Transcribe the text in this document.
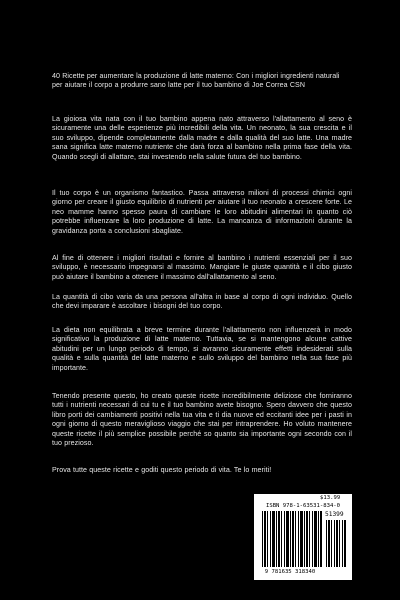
40 Ricette per aumentare la produzione di latte materno: Con i migliori ingredienti naturali per aiutare il corpo a produrre sano latte per il tuo bambino di Joe Correa CSN

La gioiosa vita nata con il tuo bambino appena nato attraverso l'allattamento al seno è sicuramente una delle esperienze più incredibili della vita. Un neonato, la sua crescita e il suo sviluppo, dipende completamente dalla madre e dalla qualità del suo latte. Una madre sana significa latte materno nutriente che darà forza al bambino nella prima fase della vita. Quando scegli di allattare, stai investendo nella salute futura del tuo bambino.

Il tuo corpo è un organismo fantastico. Passa attraverso milioni di processi chimici ogni giorno per creare il giusto equilibrio di nutrienti per aiutare il tuo neonato a crescere forte. Le neo mamme hanno spesso paura di cambiare le loro abitudini alimentari in quanto ciò potrebbe influenzare la loro produzione di latte. La mancanza di informazioni durante la gravidanza porta a conclusioni sbagliate.

Al fine di ottenere i migliori risultati e fornire al bambino i nutrienti essenziali per il suo sviluppo, è necessario impegnarsi al massimo. Mangiare le giuste quantità e il cibo giusto può aiutare il bambino a ottenere il massimo dall'allattamento al seno.

La quantità di cibo varia da una persona all'altra in base al corpo di ogni individuo. Quello che devi imparare è ascoltare i bisogni del tuo corpo.

La dieta non equilibrata a breve termine durante l'allattamento non influenzerà in modo significativo la produzione di latte materno. Tuttavia, se si mantengono alcune cattive abitudini per un lungo periodo di tempo, si avranno sicuramente effetti indesiderati sulla qualità e sulla quantità del latte materno e sullo sviluppo del bambino nella sua fase più importante.

Tenendo presente questo, ho creato queste ricette incredibilmente deliziose che forniranno tutti i nutrienti necessari di cui tu e il tuo bambino avete bisogno. Spero davvero che questo libro porti dei cambiamenti positivi nella tua vita e ti dia nuove ed eccitanti idee per i pasti in ogni giorno di questo meraviglioso viaggio che stai per intraprendere. Ho voluto mantenere queste ricette il più semplice possibile perché so quanto sia importante ogni secondo con il tuo prezioso.

Prova tutte queste ricette e goditi questo periodo di vita. Te lo meriti!

$13.99
ISBN 978-1-63531-834-0
51399
9 781635 318340
